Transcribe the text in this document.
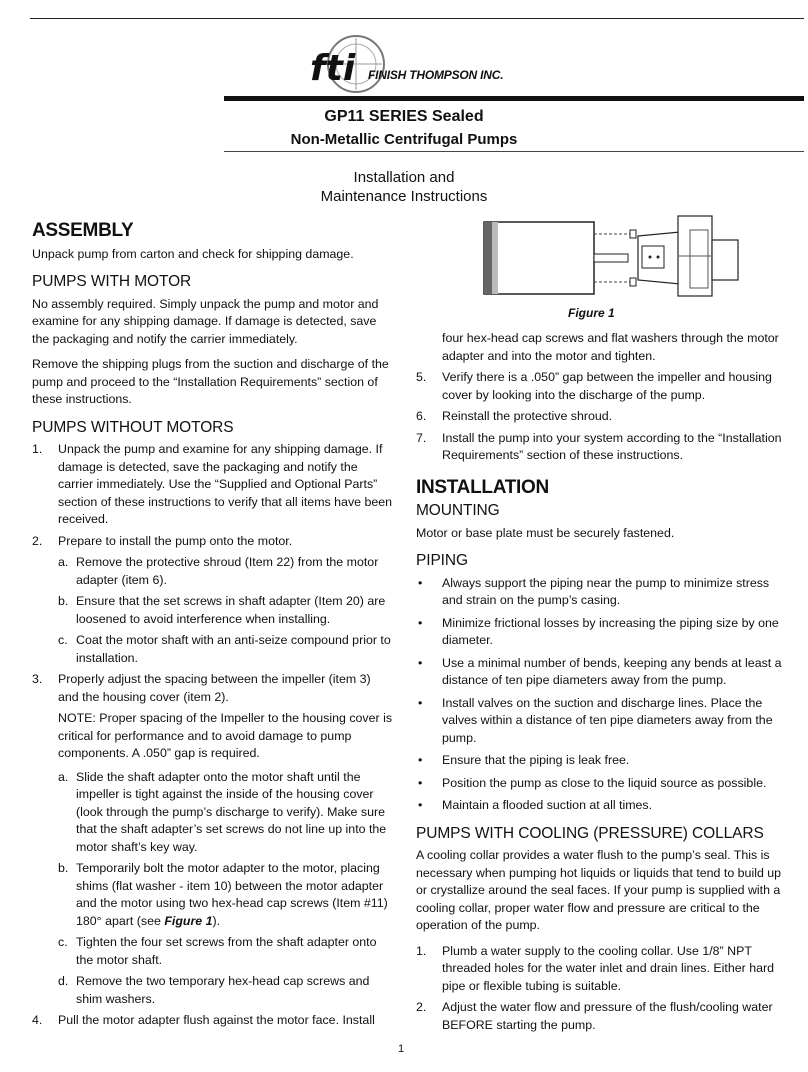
fti FINISH THOMPSON INC.
GP11 SERIES Sealed
Non-Metallic Centrifugal Pumps
Installation and
Maintenance Instructions
Figure 1
ASSEMBLY

Unpack pump from carton and check for shipping damage.

PUMPS WITH MOTOR

No assembly required. Simply unpack the pump and motor and examine for any shipping damage. If damage is detected, save the packaging and notify the carrier immediately.

Remove the shipping plugs from the suction and discharge of the pump and proceed to the “Installation Requirements” section of these instructions.

PUMPS WITHOUT MOTORS
1. Unpack the pump and examine for any shipping damage. If damage is detected, save the packaging and notify the carrier immediately. Use the “Supplied and Optional Parts” section of these instructions to verify that all items have been received.
2. Prepare to install the pump onto the motor.
a. Remove the protective shroud (Item 22) from the motor adapter (item 6).
b. Ensure that the set screws in shaft adapter (Item 20) are loosened to avoid interference when installing.
c. Coat the motor shaft with an anti-seize compound prior to installation.
3. Properly adjust the spacing between the impeller (item 3) and the housing cover (item 2).
NOTE: Proper spacing of the Impeller to the housing cover is critical for performance and to avoid damage to pump components. A .050” gap is required.
a. Slide the shaft adapter onto the motor shaft until the impeller is tight against the inside of the housing cover (look through the pump’s discharge to verify). Make sure that the shaft adapter’s set screws do not line up into the motor shaft’s key way.
b. Temporarily bolt the motor adapter to the motor, placing shims (flat washer - item 10) between the motor adapter and the motor using two hex-head cap screws (Item #11) 180° apart (see Figure 1).
c. Tighten the four set screws from the shaft adapter onto the motor shaft.
d. Remove the two temporary hex-head cap screws and shim washers.
4. Pull the motor adapter flush against the motor face. Install
four hex-head cap screws and flat washers through the motor adapter and into the motor and tighten.
5. Verify there is a .050” gap between the impeller and housing cover by looking into the discharge of the pump.
6. Reinstall the protective shroud.
7. Install the pump into your system according to the “Installation Requirements” section of these instructions.
INSTALLATION
MOUNTING

Motor or base plate must be securely fastened.

PIPING
• Always support the piping near the pump to minimize stress and strain on the pump’s casing.
• Minimize frictional losses by increasing the piping size by one diameter.
• Use a minimal number of bends, keeping any bends at least a distance of ten pipe diameters away from the pump.
• Install valves on the suction and discharge lines. Place the valves within a distance of ten pipe diameters away from the pump.
• Ensure that the piping is leak free.
• Position the pump as close to the liquid source as possible.
• Maintain a flooded suction at all times.
PUMPS WITH COOLING (PRESSURE) COLLARS

A cooling collar provides a water flush to the pump’s seal. This is necessary when pumping hot liquids or liquids that tend to build up or crystallize around the seal faces. If your pump is supplied with a cooling collar, proper water flow and pressure are critical to the operation of the pump.

1. Plumb a water supply to the cooling collar. Use 1/8” NPT threaded holes for the water inlet and drain lines. Either hard pipe or flexible tubing is suitable.
2. Adjust the water flow and pressure of the flush/cooling water BEFORE starting the pump.
1
